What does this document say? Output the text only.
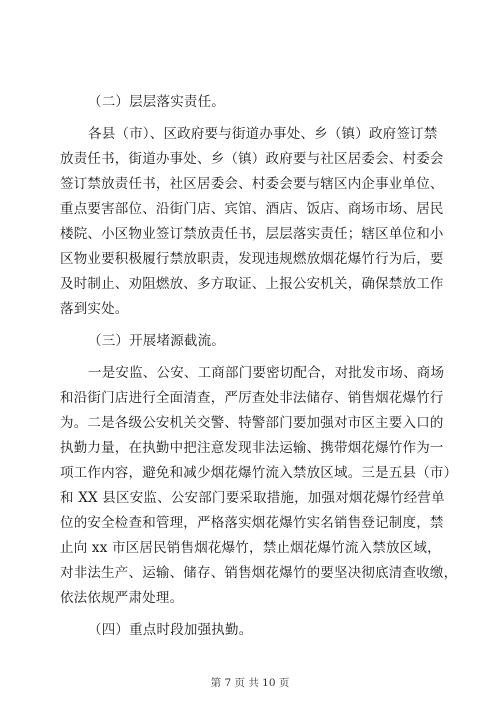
（二）层层落实责任。
各县（市）、区政府要与街道办事处、乡（镇）政府签订禁
放责任书，街道办事处、乡（镇）政府要与社区居委会、村委会
签订禁放责任书，社区居委会、村委会要与辖区内企事业单位、
重点要害部位、沿街门店、宾馆、酒店、饭店、商场市场、居民
楼院、小区物业签订禁放责任书，层层落实责任；辖区单位和小
区物业要积极履行禁放职责，发现违规燃放烟花爆竹行为后，要
及时制止、劝阻燃放、多方取证、上报公安机关，确保禁放工作
落到实处。
（三）开展堵源截流。
一是安监、公安、工商部门要密切配合，对批发市场、商场
和沿街门店进行全面清查，严厉查处非法储存、销售烟花爆竹行
为。二是各级公安机关交警、特警部门要加强对市区主要入口的
执勤力量，在执勤中把注意发现非法运输、携带烟花爆竹作为一
项工作内容，避免和减少烟花爆竹流入禁放区域。三是五县（市）
和 XX 县区安监、公安部门要采取措施，加强对烟花爆竹经营单
位的安全检查和管理，严格落实烟花爆竹实名销售登记制度，禁
止向 xx 市区居民销售烟花爆竹，禁止烟花爆竹流入禁放区域，
对非法生产、运输、储存、销售烟花爆竹的要坚决彻底清查收缴，
依法依规严肃处理。
（四）重点时段加强执勤。
第 7 页 共 10 页
